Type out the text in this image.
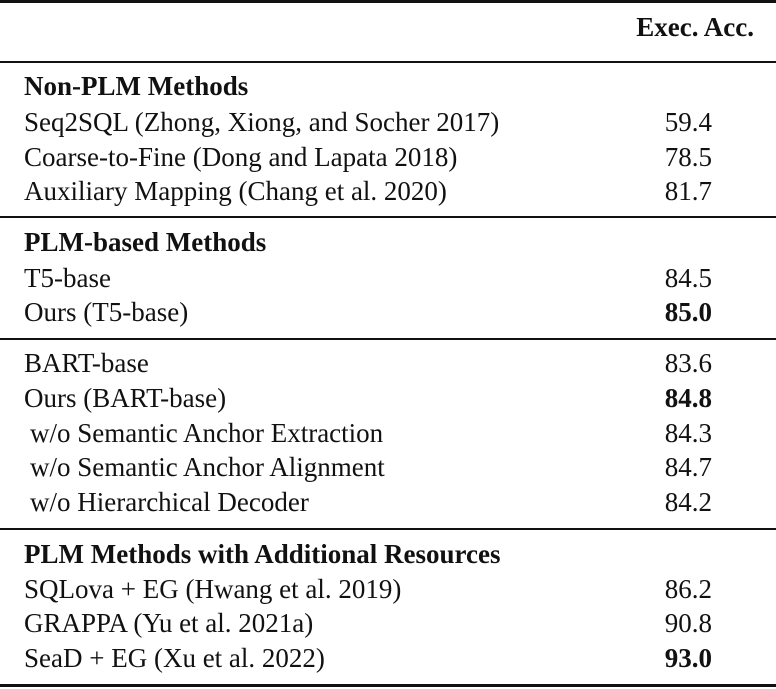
Exec. Acc.
Non-PLM Methods
Seq2SQL (Zhong, Xiong, and Socher 2017)	59.4
Coarse-to-Fine (Dong and Lapata 2018)	78.5
Auxiliary Mapping (Chang et al. 2020)	81.7
PLM-based Methods
T5-base	84.5
Ours (T5-base)	85.0
BART-base	83.6
Ours (BART-base)	84.8
w/o Semantic Anchor Extraction	84.3
w/o Semantic Anchor Alignment	84.7
w/o Hierarchical Decoder	84.2
PLM Methods with Additional Resources
SQLova + EG (Hwang et al. 2019)	86.2
GRAPPA (Yu et al. 2021a)	90.8
SeaD + EG (Xu et al. 2022)	93.0
